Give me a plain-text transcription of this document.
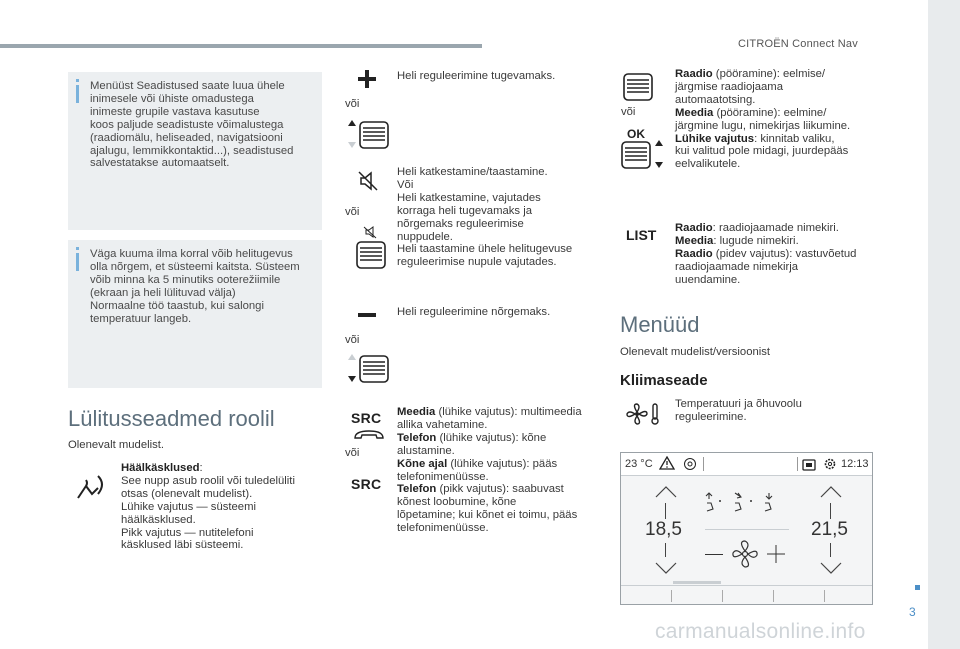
CITROËN Connect Nav
3
carmanualsonline.info
Menüüst Seadistused saate luua ühele
inimesele või ühiste omadustega
inimeste grupile vastava kasutuse
koos paljude seadistuste võimalustega
(raadiomälu, heliseaded, navigatsiooni
ajalugu, lemmikkontaktid...), seadistused
salvestatakse automaatselt.
Väga kuuma ilma korral võib helitugevus
olla nõrgem, et süsteemi kaitsta. Süsteem
võib minna ka 5 minutiks ooterežiimile
(ekraan ja heli lülituvad välja)
Normaalne töö taastub, kui salongi
temperatuur langeb.
Lülitusseadmed roolil
Olenevalt mudelist.
Häälkäsklused:
See nupp asub roolil või tuledelüliti
otsas (olenevalt mudelist).
Lühike vajutus — süsteemi
häälkäsklused.
Pikk vajutus — nutitelefoni
käsklused läbi süsteemi.
või
Heli reguleerimine tugevamaks.
või
Heli katkestamine/taastamine.
Või
Heli katkestamine, vajutades
korraga heli tugevamaks ja
nõrgemaks reguleerimise
nuppudele.
Heli taastamine ühele helitugevuse
reguleerimise nupule vajutades.
või
Heli reguleerimine nõrgemaks.
SRC
või
SRC
Meedia (lühike vajutus): multimeedia
allika vahetamine.
Telefon (lühike vajutus): kõne
alustamine.
Kõne ajal (lühike vajutus): pääs
telefonimenüüsse.
Telefon (pikk vajutus): saabuvast
kõnest loobumine, kõne
lõpetamine; kui kõnet ei toimu, pääs
telefonimenüüsse.
või
OK
Raadio (pööramine): eelmise/
järgmise raadiojaama
automaatotsing.
Meedia (pööramine): eelmine/
järgmine lugu, nimekirjas liikumine.
Lühike vajutus: kinnitab valiku,
kui valitud pole midagi, juurdepääs
eelvalikutele.
LIST Raadio: raadiojaamade nimekiri.
Meedia: lugude nimekiri.
Raadio (pidev vajutus): vastuvõetud
raadiojaamade nimekirja
uuendamine.
Menüüd
Olenevalt mudelist/versioonist
Kliimaseade
Temperatuuri ja õhuvoolu
reguleerimine.
23 °C	12:13
18,5	21,5
